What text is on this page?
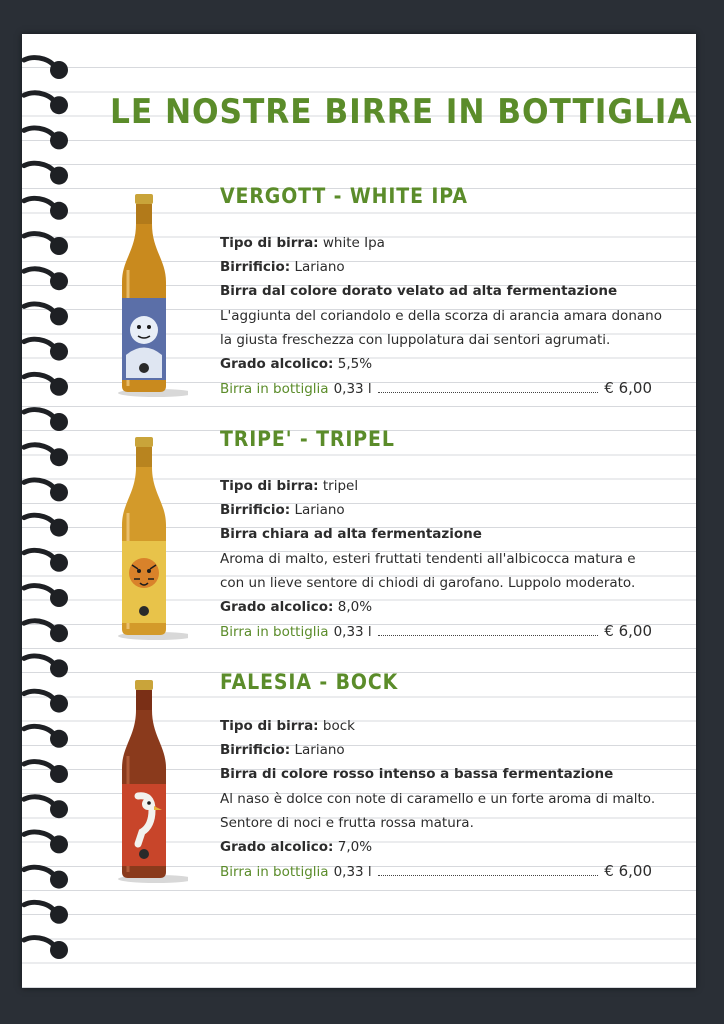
LE NOSTRE BIRRE IN BOTTIGLIA
VERGOTT - WHITE IPA
Tipo di birra: white Ipa
Birrificio: Lariano
Birra dal colore dorato velato ad alta fermentazione
L'aggiunta del coriandolo e della scorza di arancia amara donano
la giusta freschezza con luppolatura dai sentori agrumati.
Grado alcolico: 5,5%
Birra in bottiglia 0,33 l	€ 6,00
TRIPE' - TRIPEL
Tipo di birra: tripel
Birrificio: Lariano
Birra chiara ad alta fermentazione
Aroma di malto, esteri fruttati tendenti all'albicocca matura e
con un lieve sentore di chiodi di garofano. Luppolo moderato.
Grado alcolico: 8,0%
Birra in bottiglia 0,33 l	€ 6,00
FALESIA - BOCK
Tipo di birra: bock
Birrificio: Lariano
Birra di colore rosso intenso a bassa fermentazione
Al naso è dolce con note di caramello e un forte aroma di malto.
Sentore di noci e frutta rossa matura.
Grado alcolico: 7,0%
Birra in bottiglia 0,33 l	€ 6,00
